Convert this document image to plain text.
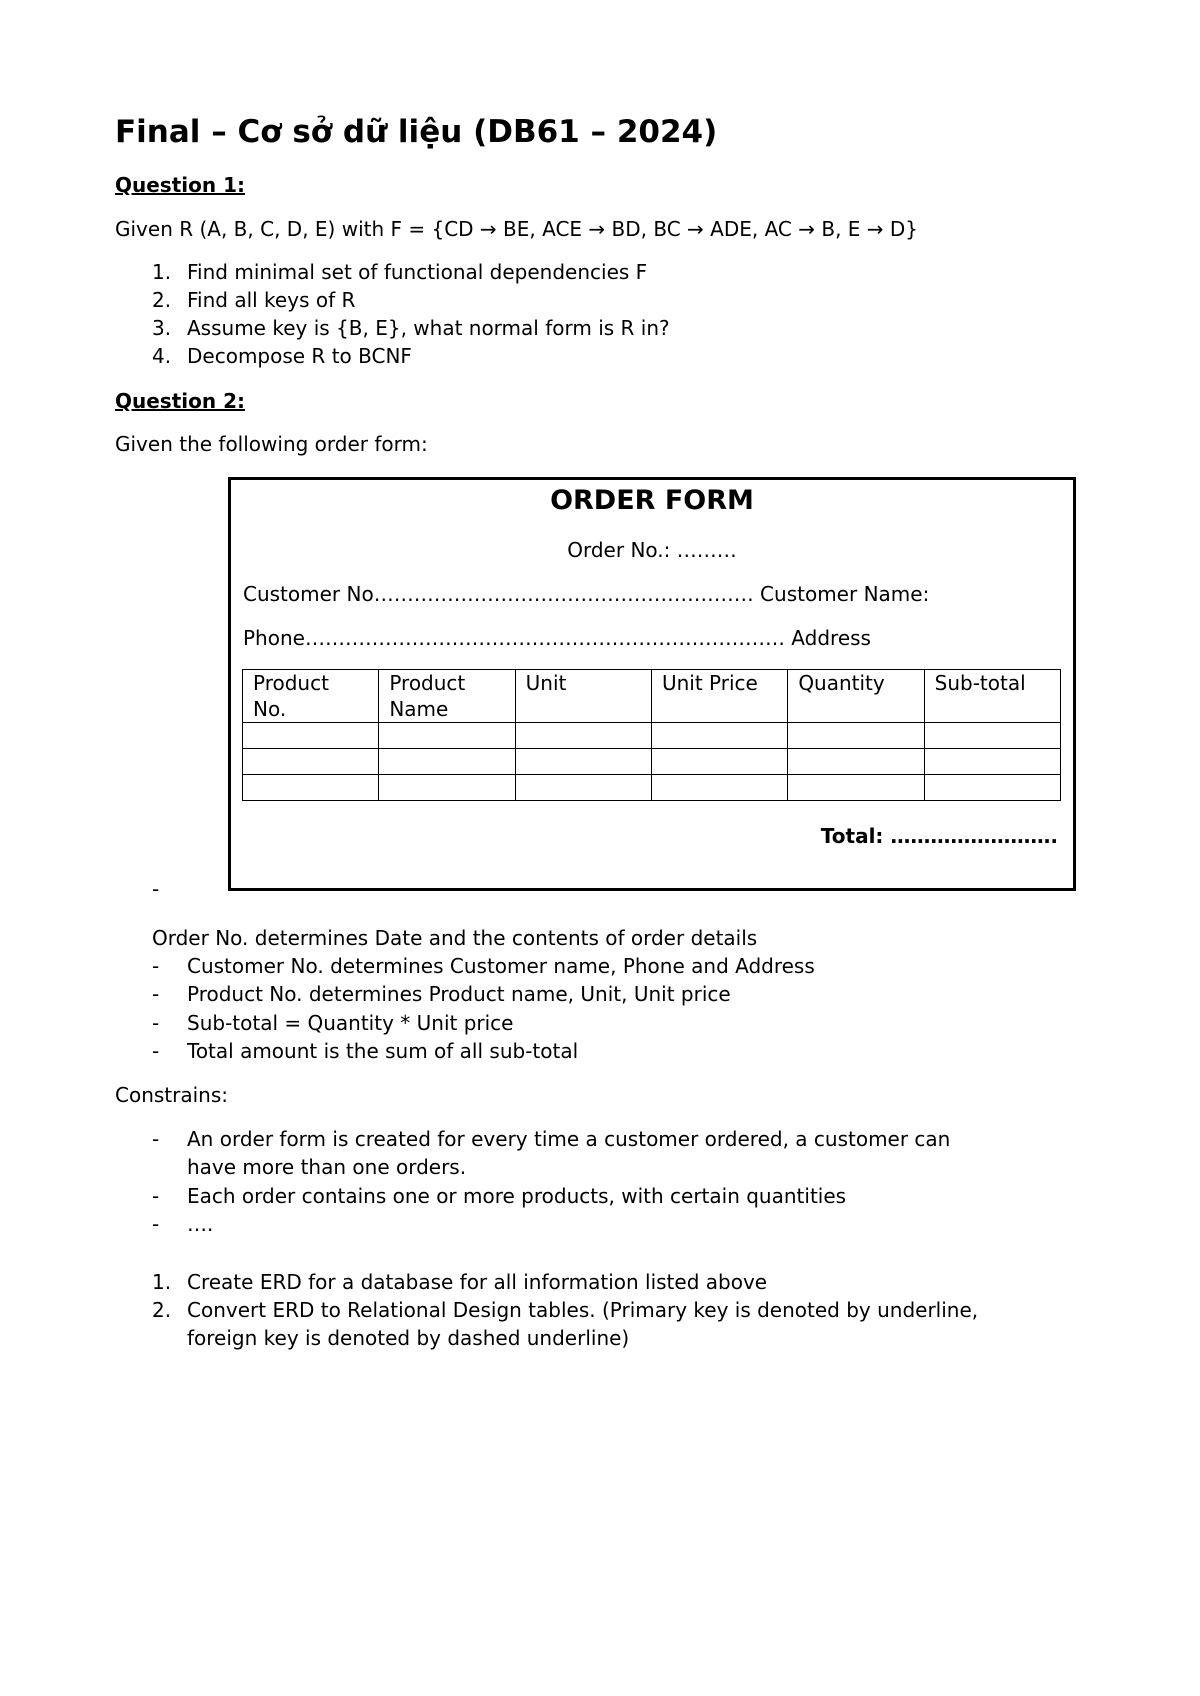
Final – Cơ sở dữ liệu (DB61 – 2024)
Question 1:
Given R (A, B, C, D, E) with F = {CD → BE, ACE → BD, BC → ADE, AC → B, E → D}
1. Find minimal set of functional dependencies F
2. Find all keys of R
3. Assume key is {B, E}, what normal form is R in?
4. Decompose R to BCNF
Question 2:
Given the following order form:
ORDER FORM
Order No.: ………
Customer No………………………………………………… Customer Name:
Phone……………………………………………………………… Address
Product No.	Product Name	Unit	Unit Price	Quantity	Sub-total

Total: …………………….
-
Order No. determines Date and the contents of order details
- Customer No. determines Customer name, Phone and Address
- Product No. determines Product name, Unit, Unit price
- Sub-total = Quantity * Unit price
- Total amount is the sum of all sub-total
Constrains:
- An order form is created for every time a customer ordered, a customer can
have more than one orders.
- Each order contains one or more products, with certain quantities
- ….
1. Create ERD for a database for all information listed above
2. Convert ERD to Relational Design tables. (Primary key is denoted by underline,
foreign key is denoted by dashed underline)
